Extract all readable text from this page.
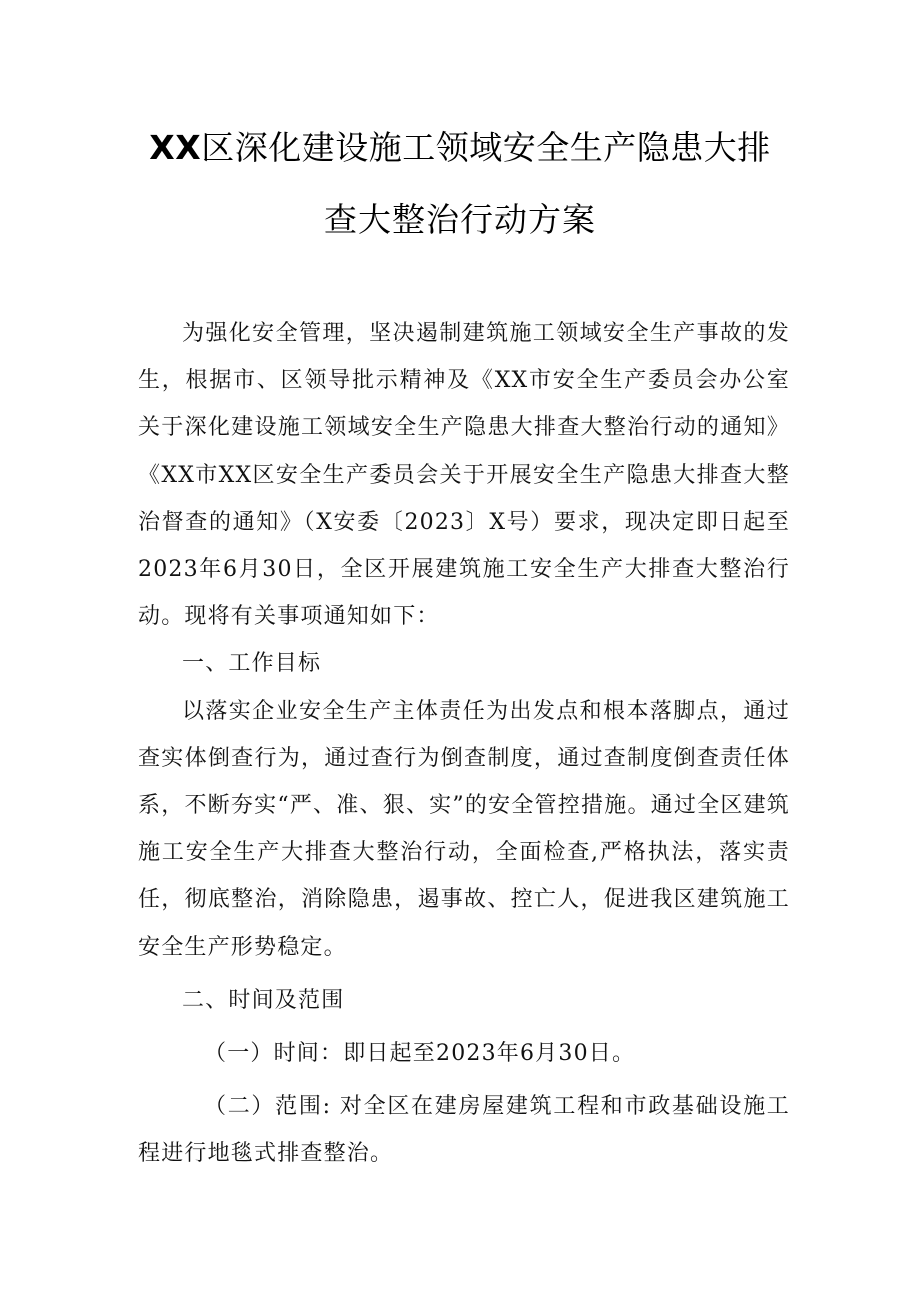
XX区深化建设施工领域安全生产隐患大排
查大整治行动方案

为强化安全管理，坚决遏制建筑施工领域安全生产事故的发生，根据市、区领导批示精神及《XX市安全生产委员会办公室关于深化建设施工领域安全生产隐患大排查大整治行动的通知》《XX市XX区安全生产委员会关于开展安全生产隐患大排查大整治督查的通知》（X安委〔2023〕X号）要求，现决定即日起至2023年6月30日，全区开展建筑施工安全生产大排查大整治行动。现将有关事项通知如下：

一、工作目标

以落实企业安全生产主体责任为出发点和根本落脚点，通过查实体倒查行为，通过查行为倒查制度，通过查制度倒查责任体系，不断夯实“严、准、狠、实”的安全管控措施。通过全区建筑施工安全生产大排查大整治行动，全面检查,严格执法，落实责任，彻底整治，消除隐患，遏事故、控亡人，促进我区建筑施工安全生产形势稳定。

二、时间及范围

（一）时间：即日起至2023年6月30日。

（二）范围: 对全区在建房屋建筑工程和市政基础设施工程进行地毯式排查整治。
